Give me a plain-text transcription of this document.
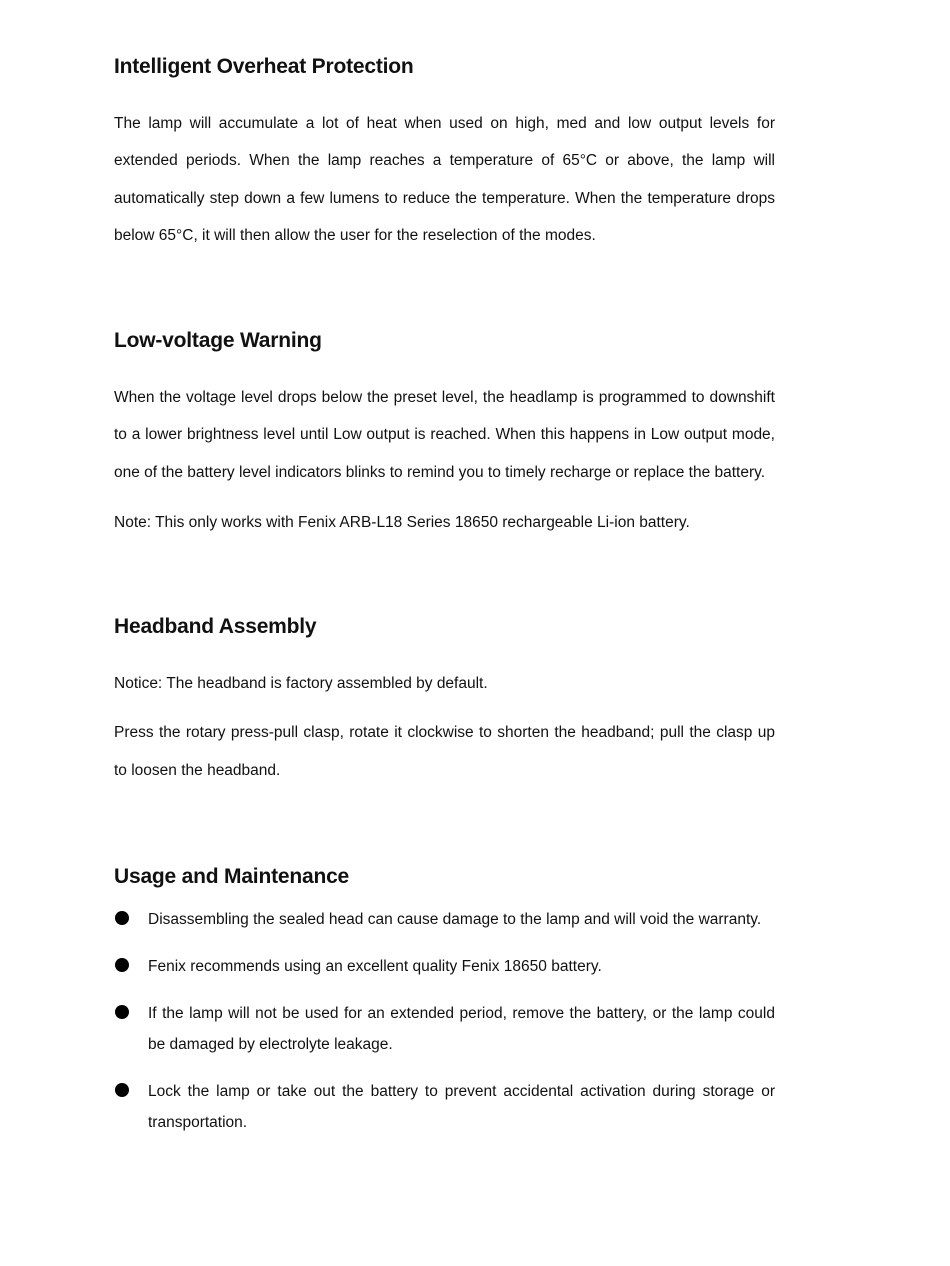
Intelligent Overheat Protection

The lamp will accumulate a lot of heat when used on high, med and low output levels for extended periods. When the lamp reaches a temperature of 65°C or above, the lamp will automatically step down a few lumens to reduce the temperature. When the temperature drops below 65°C, it will then allow the user for the reselection of the modes.

Low-voltage Warning

When the voltage level drops below the preset level, the headlamp is programmed to downshift to a lower brightness level until Low output is reached. When this happens in Low output mode, one of the battery level indicators blinks to remind you to timely recharge or replace the battery.

Note: This only works with Fenix ARB-L18 Series 18650 rechargeable Li-ion battery.

Headband Assembly

Notice: The headband is factory assembled by default.

Press the rotary press-pull clasp, rotate it clockwise to shorten the headband; pull the clasp up to loosen the headband.

Usage and Maintenance
Disassembling the sealed head can cause damage to the lamp and will void the warranty.
Fenix recommends using an excellent quality Fenix 18650 battery.
If the lamp will not be used for an extended period, remove the battery, or the lamp could be damaged by electrolyte leakage.
Lock the lamp or take out the battery to prevent accidental activation during storage or transportation.
